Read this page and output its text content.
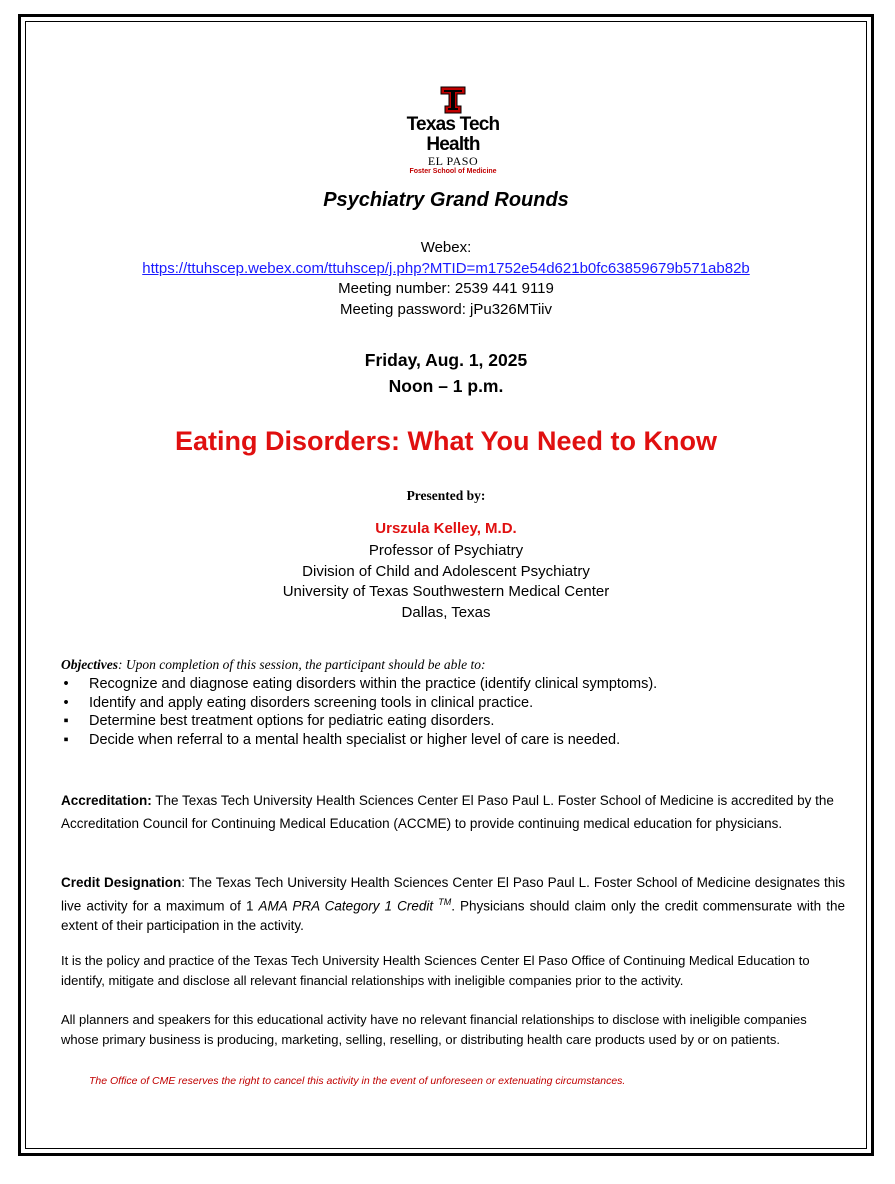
Texas Tech Health
EL PASO
Foster School of Medicine
Psychiatry Grand Rounds
Webex:
https://ttuhscep.webex.com/ttuhscep/j.php?MTID=m1752e54d621b0fc63859679b571ab82b
Meeting number: 2539 441 9119
Meeting password: jPu326MTiiv
Friday, Aug. 1, 2025
Noon – 1 p.m.
Eating Disorders: What You Need to Know
Presented by:
Urszula Kelley, M.D.
Professor of Psychiatry
Division of Child and Adolescent Psychiatry
University of Texas Southwestern Medical Center
Dallas, Texas
Objectives: Upon completion of this session, the participant should be able to:
• Recognize and diagnose eating disorders within the practice (identify clinical symptoms).
• Identify and apply eating disorders screening tools in clinical practice.
▪ Determine best treatment options for pediatric eating disorders.
▪ Decide when referral to a mental health specialist or higher level of care is needed.
Accreditation: The Texas Tech University Health Sciences Center El Paso Paul L. Foster School of Medicine is accredited by the Accreditation Council for Continuing Medical Education (ACCME) to provide continuing medical education for physicians.
Credit Designation: The Texas Tech University Health Sciences Center El Paso Paul L. Foster School of Medicine designates this live activity for a maximum of 1 AMA PRA Category 1 Credit ™. Physicians should claim only the credit commensurate with the extent of their participation in the activity.
It is the policy and practice of the Texas Tech University Health Sciences Center El Paso Office of Continuing Medical Education to identify, mitigate and disclose all relevant financial relationships with ineligible companies prior to the activity.
All planners and speakers for this educational activity have no relevant financial relationships to disclose with ineligible companies whose primary business is producing, marketing, selling, reselling, or distributing health care products used by or on patients.
The Office of CME reserves the right to cancel this activity in the event of unforeseen or extenuating circumstances.
